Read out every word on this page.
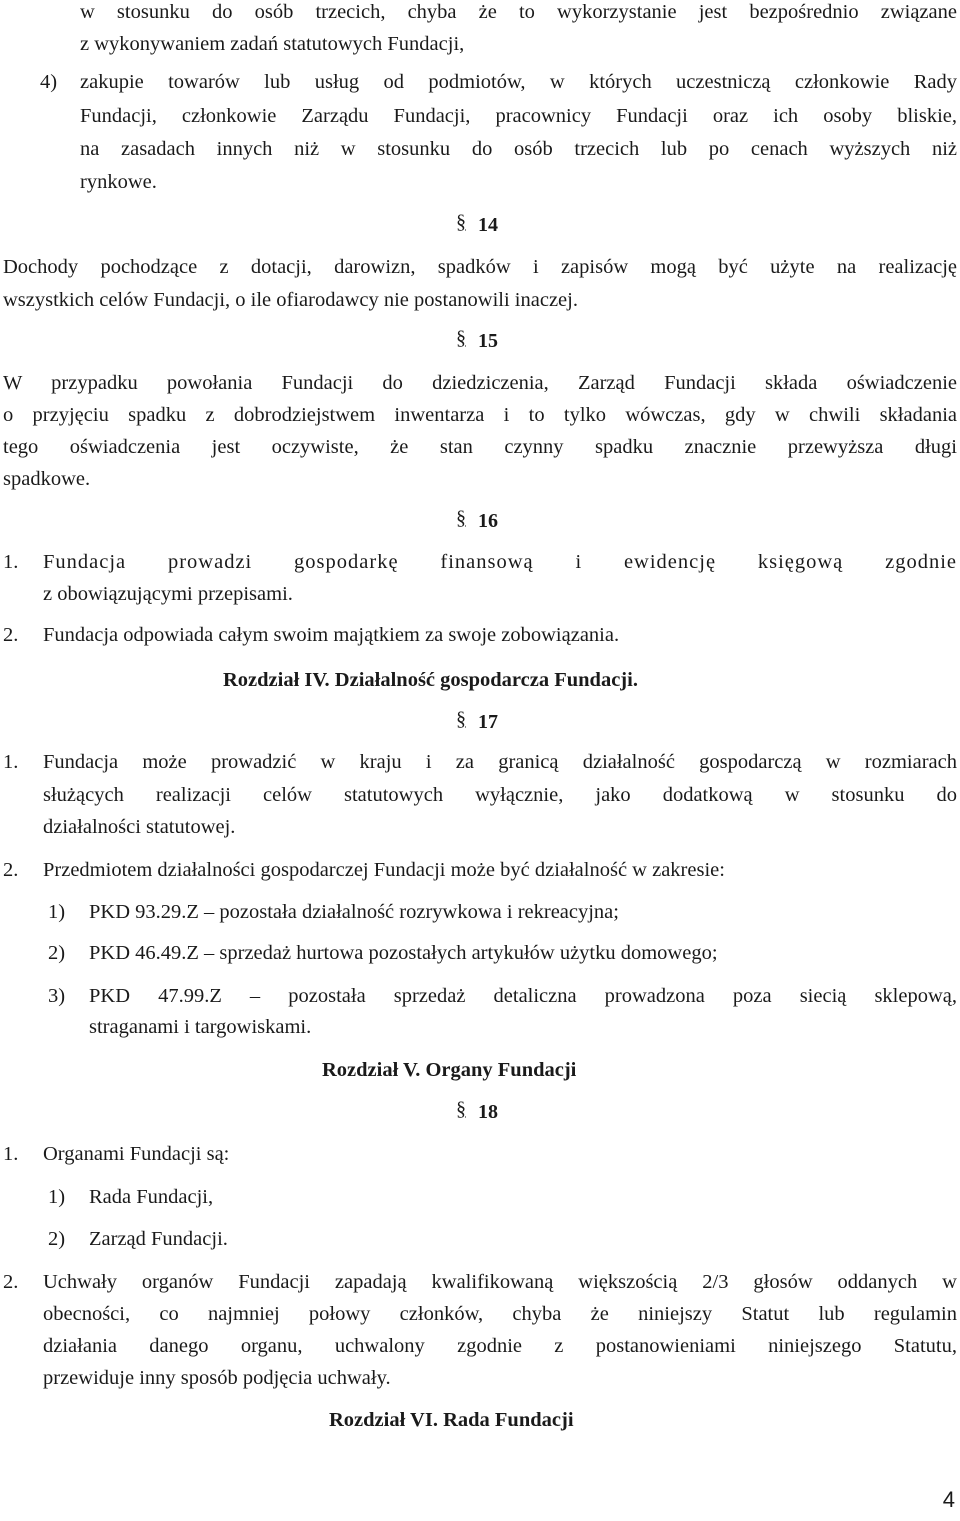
w stosunku do osób trzecich, chyba że to wykorzystanie jest bezpośrednio związane

z wykonywaniem zadań statutowych Fundacji,

4) zakupie towarów lub usług od podmiotów, w których uczestniczą członkowie Rady

Fundacji, członkowie Zarządu Fundacji, pracownicy Fundacji oraz ich osoby bliskie,

na zasadach innych niż w stosunku do osób trzecich lub po cenach wyższych niż

rynkowe.

§ 14

Dochody pochodzące z dotacji, darowizn, spadków i zapisów mogą być użyte na realizację

wszystkich celów Fundacji, o ile ofiarodawcy nie postanowili inaczej.

§ 15

W przypadku powołania Fundacji do dziedziczenia, Zarząd Fundacji składa oświadczenie

o przyjęciu spadku z dobrodziejstwem inwentarza i to tylko wówczas, gdy w chwili składania

tego oświadczenia jest oczywiste, że stan czynny spadku znacznie przewyższa długi

spadkowe.

§ 16

1. Fundacja prowadzi gospodarkę finansową i ewidencję księgową zgodnie

z obowiązującymi przepisami.

2. Fundacja odpowiada całym swoim majątkiem za swoje zobowiązania.

Rozdział IV. Działalność gospodarcza Fundacji.

§ 17

1. Fundacja może prowadzić w kraju i za granicą działalność gospodarczą w rozmiarach

służących realizacji celów statutowych wyłącznie, jako dodatkową w stosunku do

działalności statutowej.

2. Przedmiotem działalności gospodarczej Fundacji może być działalność w zakresie:

1) PKD 93.29.Z – pozostała działalność rozrywkowa i rekreacyjna;

2) PKD 46.49.Z – sprzedaż hurtowa pozostałych artykułów użytku domowego;

3) PKD 47.99.Z – pozostała sprzedaż detaliczna prowadzona poza siecią sklepową,

straganami i targowiskami.

Rozdział V. Organy Fundacji

§ 18

1. Organami Fundacji są:

1) Rada Fundacji,

2) Zarząd Fundacji.

2. Uchwały organów Fundacji zapadają kwalifikowaną większością 2/3 głosów oddanych w

obecności, co najmniej połowy członków, chyba że niniejszy Statut lub regulamin

działania danego organu, uchwalony zgodnie z postanowieniami niniejszego Statutu,

przewiduje inny sposób podjęcia uchwały.

Rozdział VI. Rada Fundacji

4
